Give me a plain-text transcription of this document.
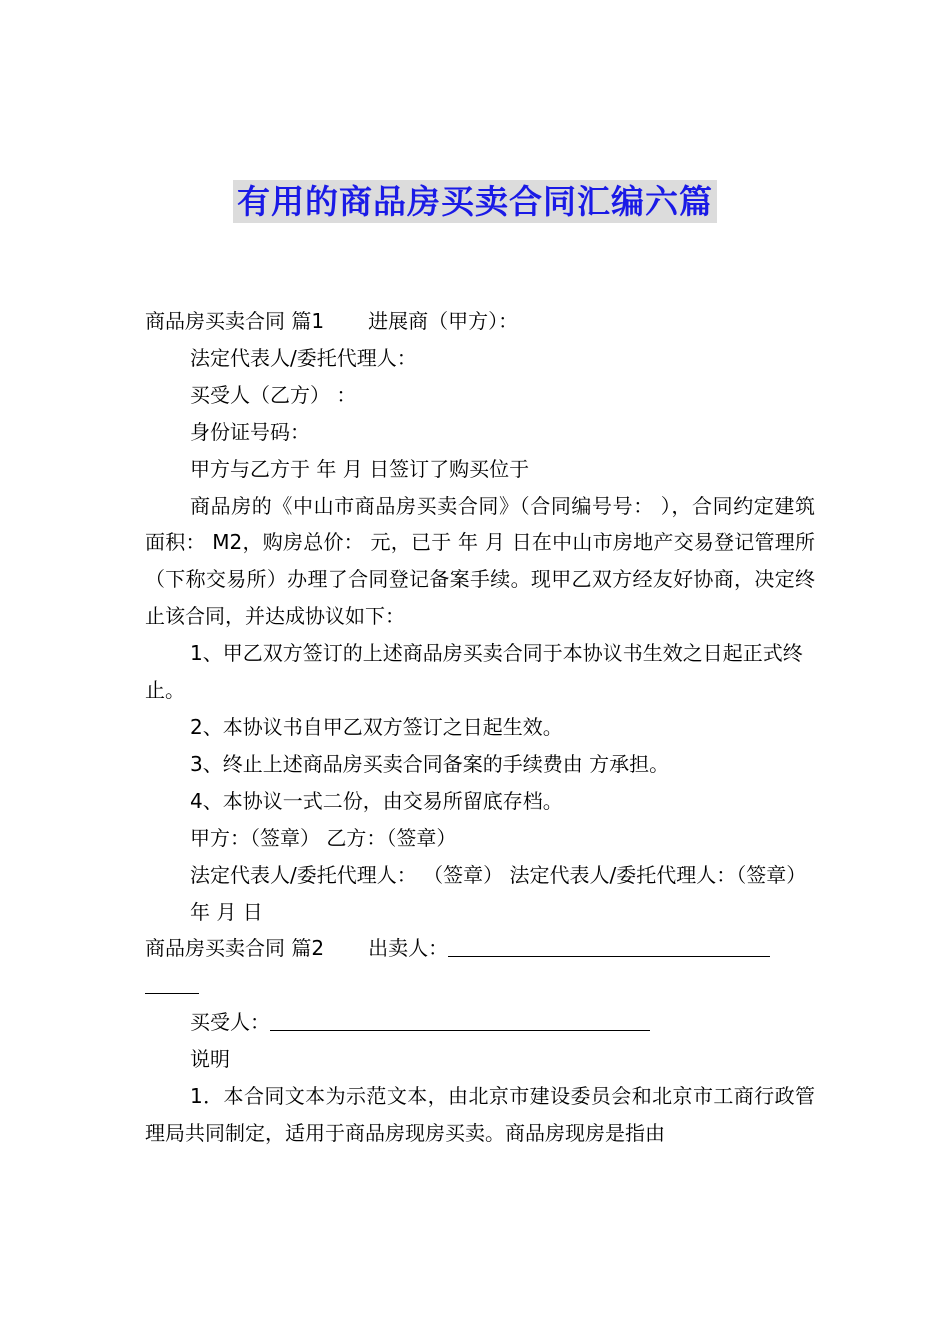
有用的商品房买卖合同汇编六篇

商品房买卖合同 篇1 进展商（甲方）：

法定代表人/委托代理人：

买受人（乙方） ：

身份证号码：

甲方与乙方于 年 月 日签订了购买位于

商品房的《中山市商品房买卖合同》（合同编号号： ），合同约定建筑面积： M2，购房总价： 元，已于 年 月 日在中山市房地产交易登记管理所（下称交易所）办理了合同登记备案手续。现甲乙双方经友好协商，决定终止该合同，并达成协议如下：

1、甲乙双方签订的上述商品房买卖合同于本协议书生效之日起正式终止。

2、本协议书自甲乙双方签订之日起生效。

3、终止上述商品房买卖合同备案的手续费由 方承担。

4、本协议一式二份，由交易所留底存档。

甲方：（签章） 乙方：（签章）

法定代表人/委托代理人： （签章） 法定代表人/委托代理人：（签章）

年 月 日

商品房买卖合同 篇2 出卖人：

买受人：

说明

1．本合同文本为示范文本，由北京市建设委员会和北京市工商行政管理局共同制定，适用于商品房现房买卖。商品房现房是指由
